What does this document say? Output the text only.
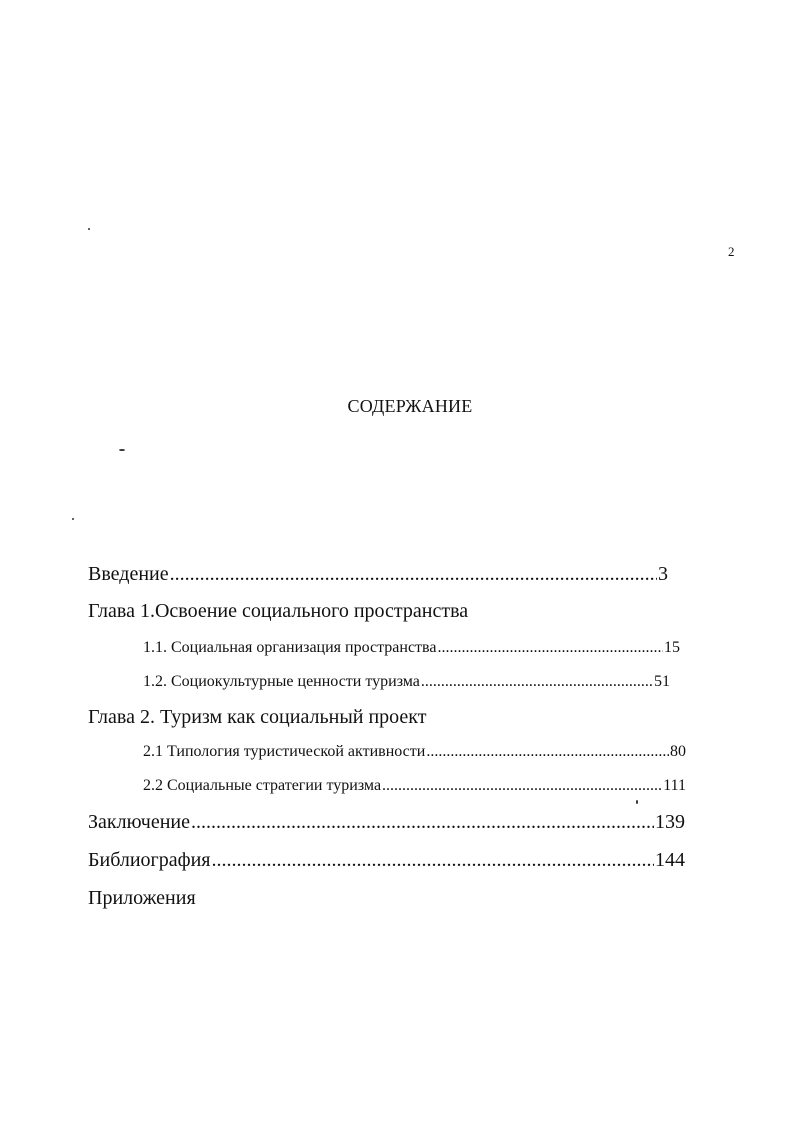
2
СОДЕРЖАНИЕ
Введение .....	3
Глава 1.Освоение социального пространства
1.1. Социальная организация пространства .....	15
1.2. Социокультурные ценности туризма .....	51
Глава 2. Туризм как социальный проект
2.1 Типология туристической активности .....	80
2.2 Социальные стратегии туризма .....	111
Заключение .....	139
Библиография .....	144
Приложения
